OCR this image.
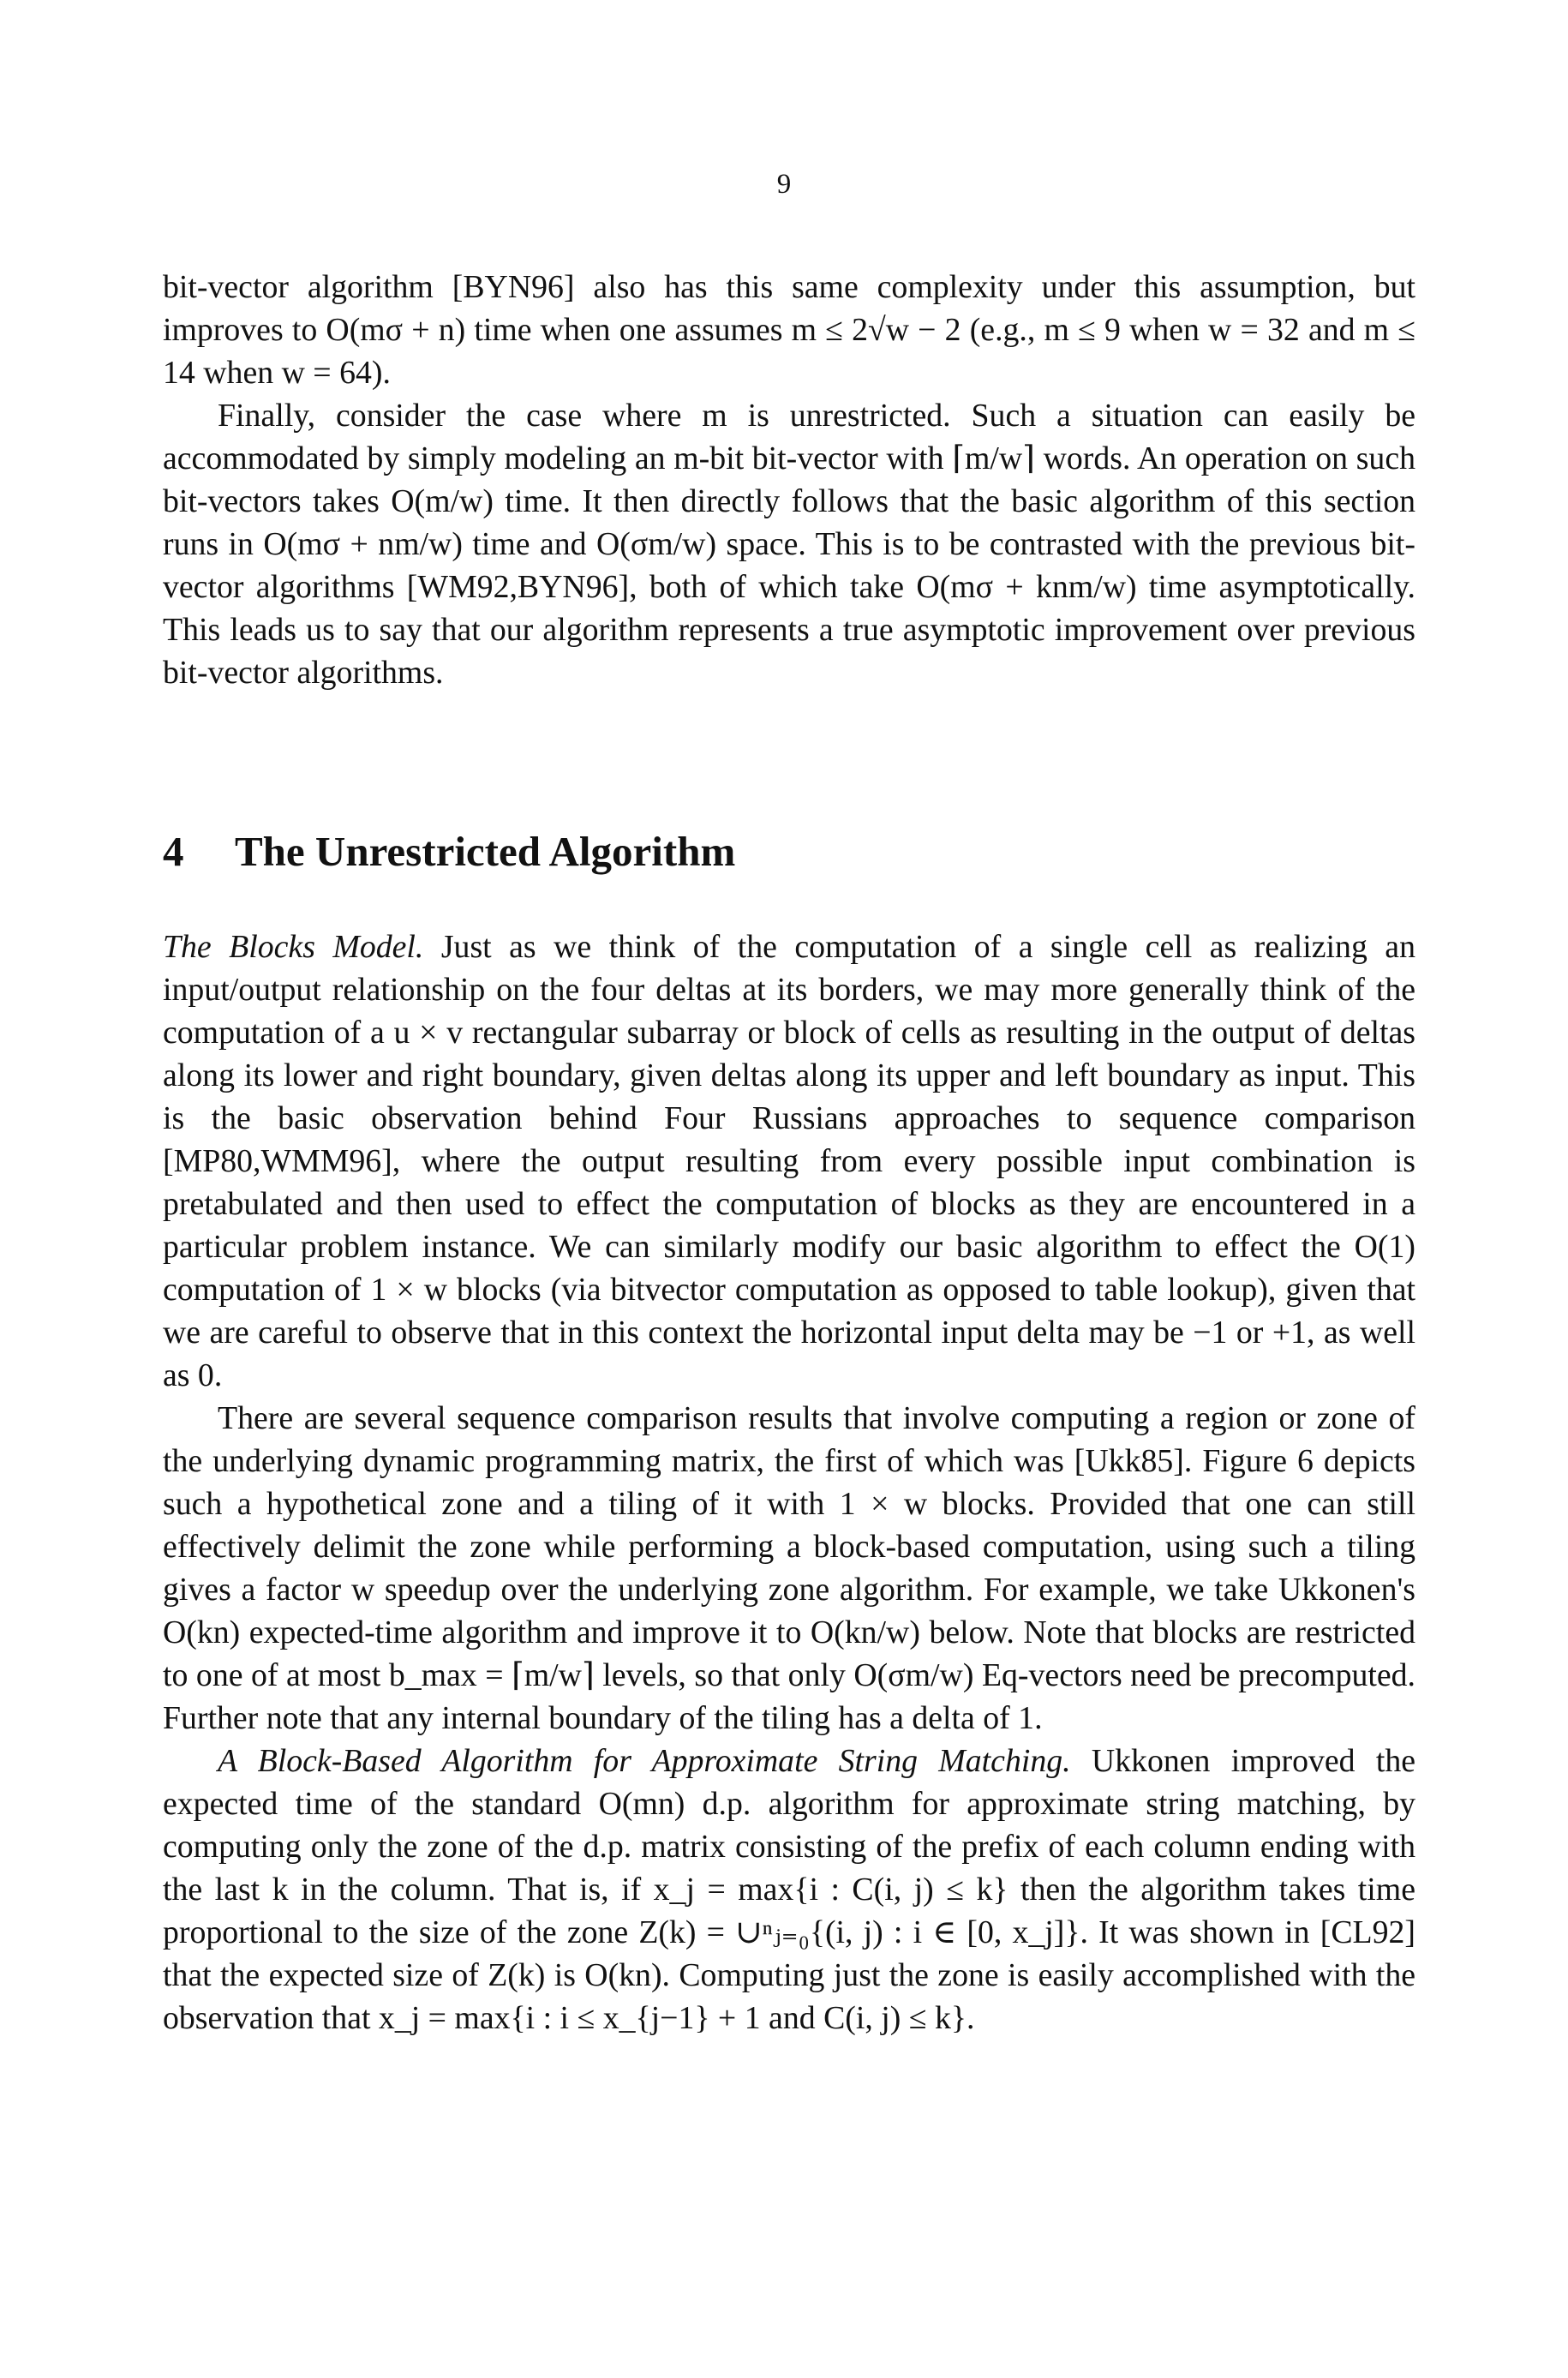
9

bit-vector algorithm [BYN96] also has this same complexity under this assumption, but improves to O(mσ + n) time when one assumes m ≤ 2√w − 2 (e.g., m ≤ 9 when w = 32 and m ≤ 14 when w = 64).

Finally, consider the case where m is unrestricted. Such a situation can easily be accommodated by simply modeling an m-bit bit-vector with ⌈m/w⌉ words. An operation on such bit-vectors takes O(m/w) time. It then directly follows that the basic algorithm of this section runs in O(mσ + nm/w) time and O(σm/w) space. This is to be contrasted with the previous bit-vector algorithms [WM92,BYN96], both of which take O(mσ + knm/w) time asymptotically. This leads us to say that our algorithm represents a true asymptotic improvement over previous bit-vector algorithms.

4 The Unrestricted Algorithm

The Blocks Model. Just as we think of the computation of a single cell as realizing an input/output relationship on the four deltas at its borders, we may more generally think of the computation of a u × v rectangular subarray or block of cells as resulting in the output of deltas along its lower and right boundary, given deltas along its upper and left boundary as input. This is the basic observation behind Four Russians approaches to sequence comparison [MP80,WMM96], where the output resulting from every possible input combination is pretabulated and then used to effect the computation of blocks as they are encountered in a particular problem instance. We can similarly modify our basic algorithm to effect the O(1) computation of 1 × w blocks (via bitvector computation as opposed to table lookup), given that we are careful to observe that in this context the horizontal input delta may be −1 or +1, as well as 0.

There are several sequence comparison results that involve computing a region or zone of the underlying dynamic programming matrix, the first of which was [Ukk85]. Figure 6 depicts such a hypothetical zone and a tiling of it with 1 × w blocks. Provided that one can still effectively delimit the zone while performing a block-based computation, using such a tiling gives a factor w speedup over the underlying zone algorithm. For example, we take Ukkonen's O(kn) expected-time algorithm and improve it to O(kn/w) below. Note that blocks are restricted to one of at most b_max = ⌈m/w⌉ levels, so that only O(σm/w) Eq-vectors need be precomputed. Further note that any internal boundary of the tiling has a delta of 1.

A Block-Based Algorithm for Approximate String Matching. Ukkonen improved the expected time of the standard O(mn) d.p. algorithm for approximate string matching, by computing only the zone of the d.p. matrix consisting of the prefix of each column ending with the last k in the column. That is, if x_j = max{i : C(i, j) ≤ k} then the algorithm takes time proportional to the size of the zone Z(k) = ∪ⁿⱼ₌₀{(i, j) : i ∈ [0, x_j]}. It was shown in [CL92] that the expected size of Z(k) is O(kn). Computing just the zone is easily accomplished with the observation that x_j = max{i : i ≤ x_{j−1} + 1 and C(i, j) ≤ k}.
